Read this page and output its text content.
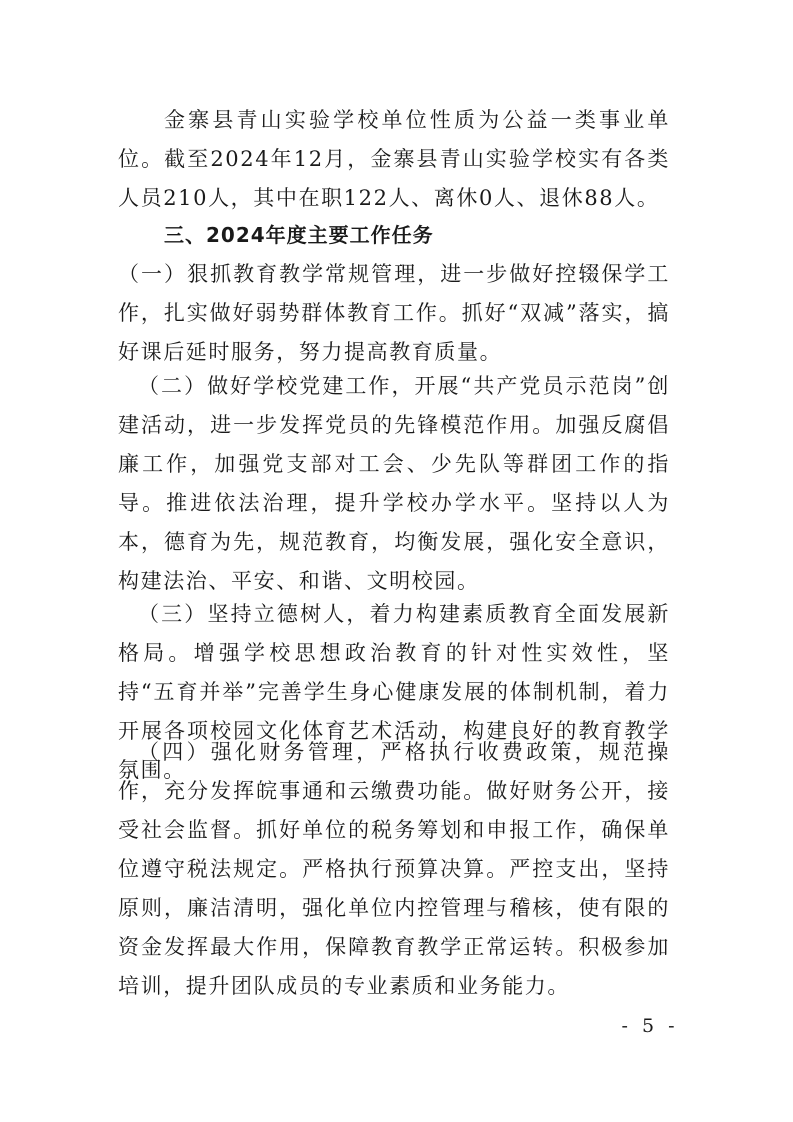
金寨县青山实验学校单位性质为公益一类事业单位。截至2024年12月，金寨县青山实验学校实有各类人员210人，其中在职122人、离休0人、退休88人。

三、2024年度主要工作任务

（一）狠抓教育教学常规管理，进一步做好控辍保学工作，扎实做好弱势群体教育工作。抓好“双减”落实，搞好课后延时服务，努力提高教育质量。

（二）做好学校党建工作，开展“共产党员示范岗”创建活动，进一步发挥党员的先锋模范作用。加强反腐倡廉工作，加强党支部对工会、少先队等群团工作的指导。推进依法治理，提升学校办学水平。坚持以人为本，德育为先，规范教育，均衡发展，强化安全意识，构建法治、平安、和谐、文明校园。

（三）坚持立德树人，着力构建素质教育全面发展新格局。增强学校思想政治教育的针对性实效性，坚持“五育并举”完善学生身心健康发展的体制机制，着力开展各项校园文化体育艺术活动，构建良好的教育教学氛围。

（四）强化财务管理，严格执行收费政策，规范操作，充分发挥皖事通和云缴费功能。做好财务公开，接受社会监督。抓好单位的税务筹划和申报工作，确保单位遵守税法规定。严格执行预算决算。严控支出，坚持原则，廉洁清明，强化单位内控管理与稽核，使有限的资金发挥最大作用，保障教育教学正常运转。积极参加培训，提升团队成员的专业素质和业务能力。

- 5 -
